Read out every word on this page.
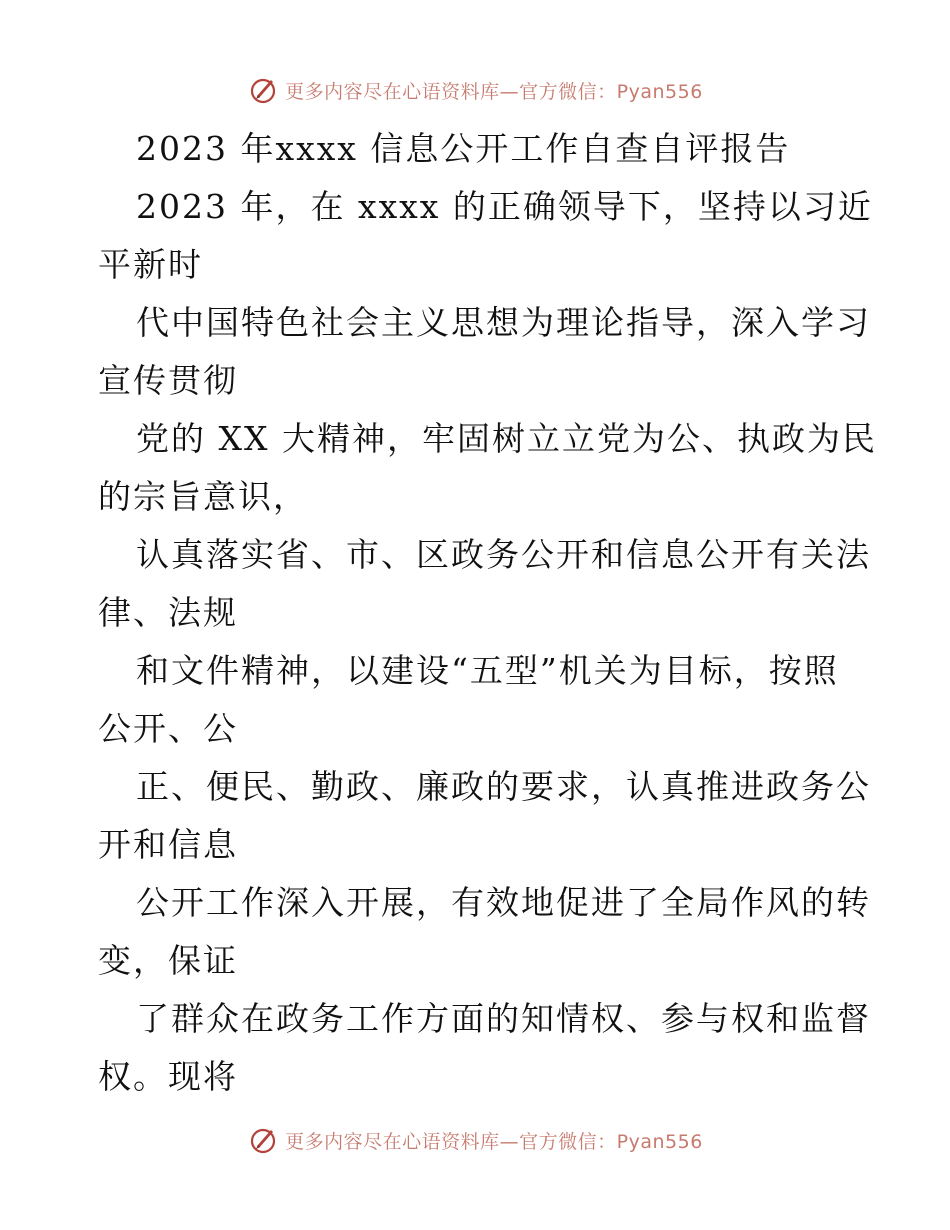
更多内容尽在心语资料库—官方微信：Pyan556
2023 年xxxx 信息公开工作自查自评报告
2023 年，在 xxxx 的正确领导下，坚持以习近
平新时
代中国特色社会主义思想为理论指导，深入学习
宣传贯彻
党的 XX 大精神，牢固树立立党为公、执政为民
的宗旨意识，
认真落实省、市、区政务公开和信息公开有关法
律、法规
和文件精神，以建设“五型”机关为目标，按照
公开、公
正、便民、勤政、廉政的要求，认真推进政务公
开和信息
公开工作深入开展，有效地促进了全局作风的转
变，保证
了群众在政务工作方面的知情权、参与权和监督
权。现将
更多内容尽在心语资料库—官方微信：Pyan556
